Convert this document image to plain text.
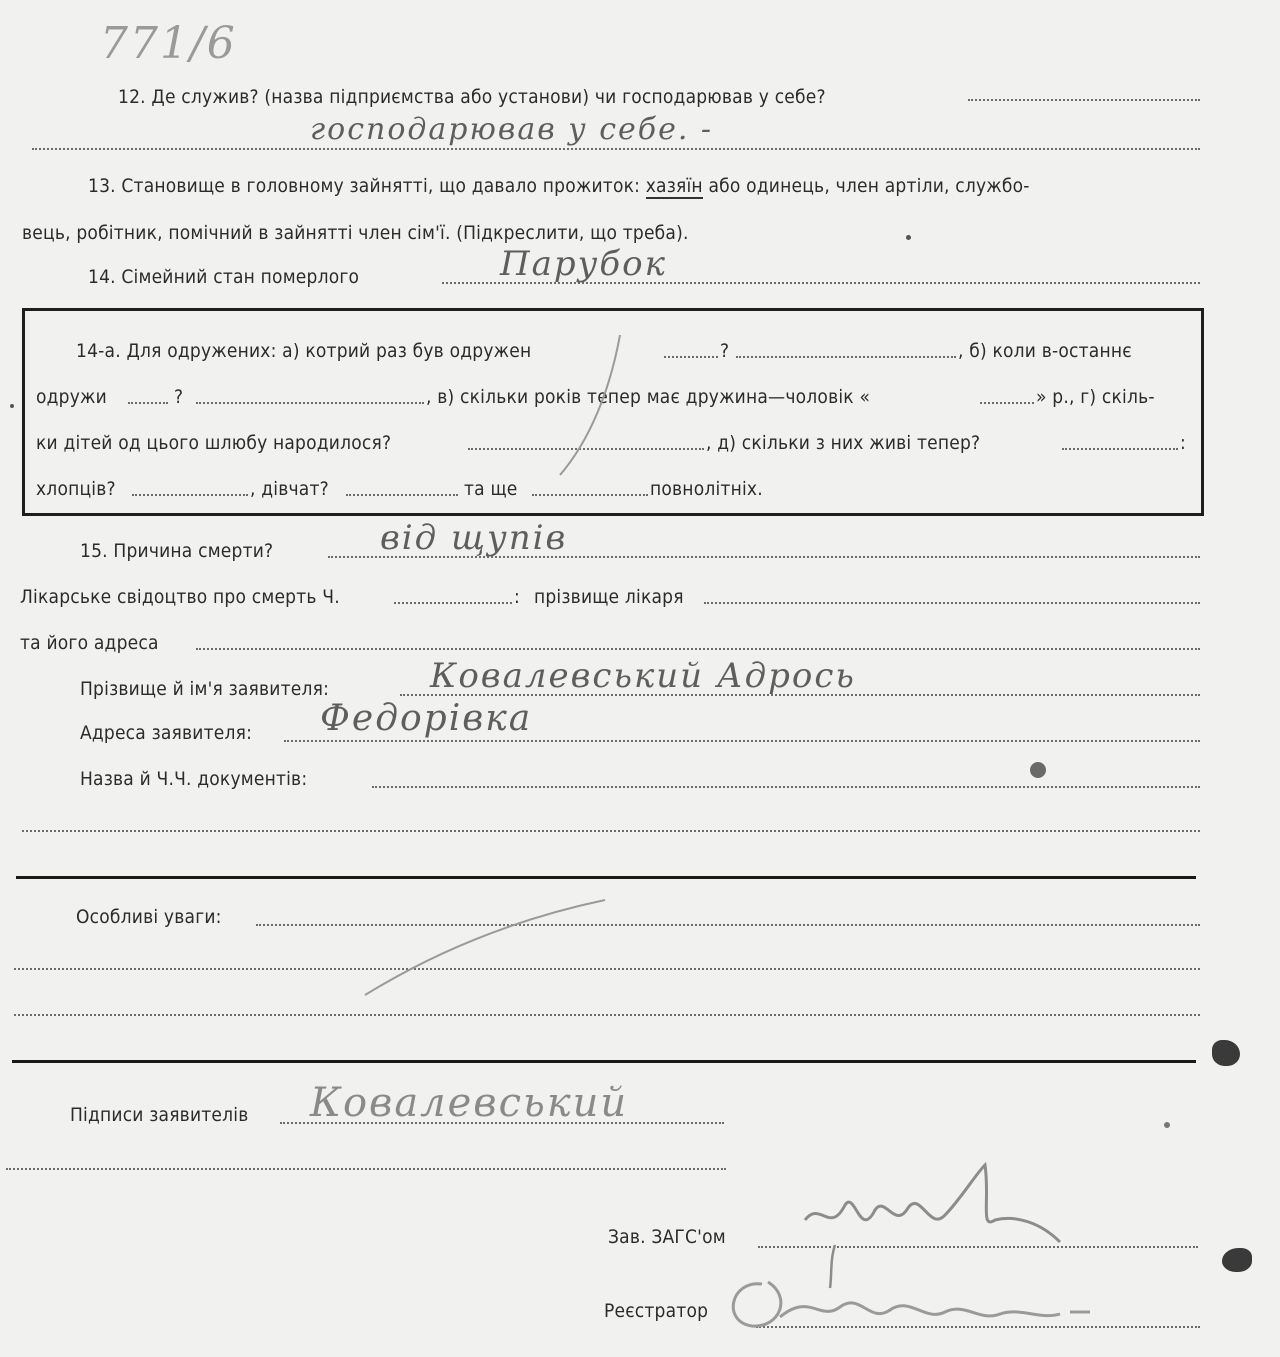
771/6
12. Де служив? (назва підприємства або установи) чи господарював у себе?
господарював у себе. -
13. Становище в головному зайнятті, що давало прожиток: хазяїн або одинець, член артіли, службо-
вець, робітник, помічний в зайнятті член сім'ї. (Підкреслити, що треба).
14. Сімейний стан померлого	Парубок
14-а. Для одружених: а) котрий раз був одружен	?	, б) коли в-останнє
одружи	?	, в) скільки років тепер має дружина—чоловік «	» р., г) скіль-
ки дітей од цього шлюбу народилося?	, д) скільки з них живі тепер?	:
хлопців?	, дівчат?	та ще	повнолітніх.
15. Причина смерти?	від щупів
Лікарське свідоцтво про смерть Ч.	: прізвище лікаря
та його адреса
Прізвище й ім'я заявителя:	Ковалевський Адрось
Адреса заявителя: Федорівка
Назва й Ч.Ч. документів:
Особливі уваги:
Підписи заявителів Ковалевський
Зав. ЗАГС'ом
Реєстратор
